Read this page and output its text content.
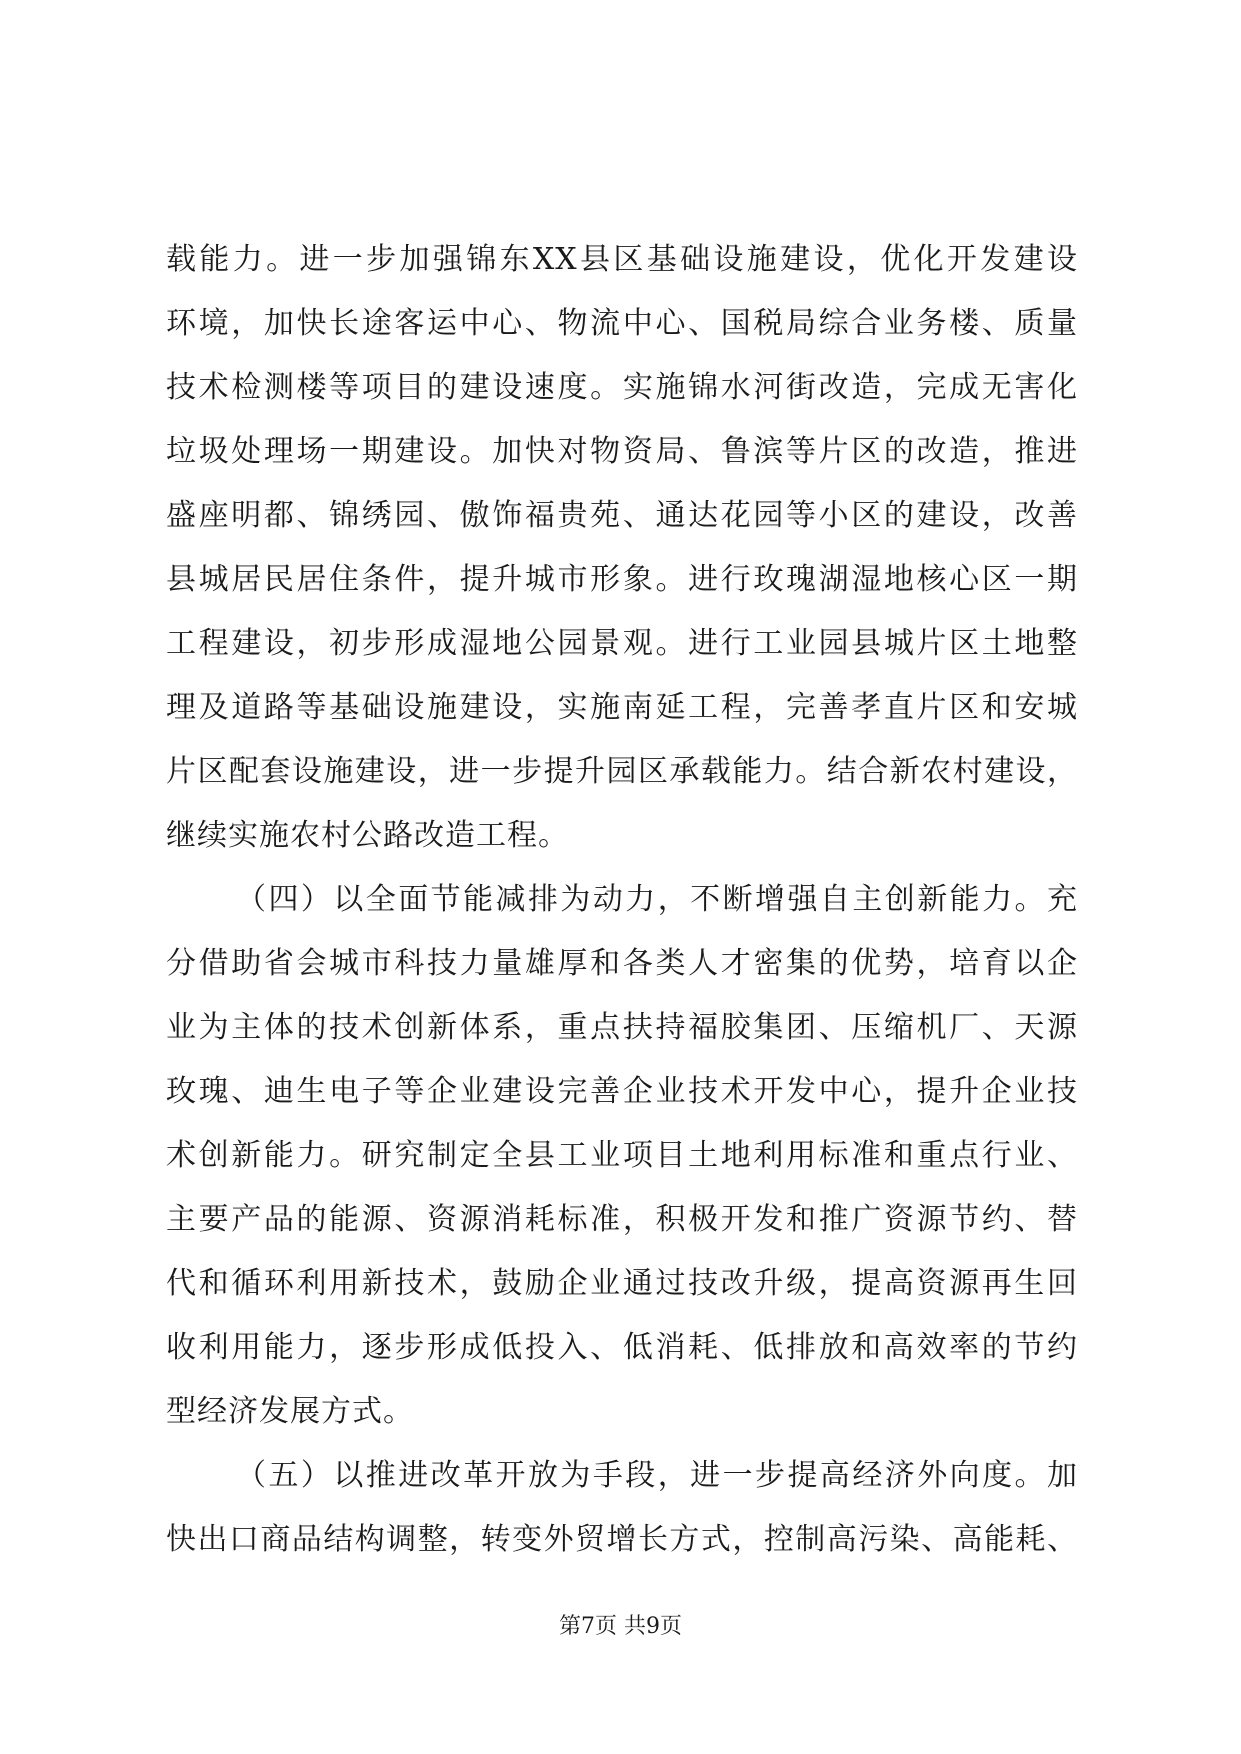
载能力。进一步加强锦东XX县区基础设施建设，优化开发建设
环境，加快长途客运中心、物流中心、国税局综合业务楼、质量
技术检测楼等项目的建设速度。实施锦水河街改造，完成无害化
垃圾处理场一期建设。加快对物资局、鲁滨等片区的改造，推进
盛座明都、锦绣园、傲饰福贵苑、通达花园等小区的建设，改善
县城居民居住条件，提升城市形象。进行玫瑰湖湿地核心区一期
工程建设，初步形成湿地公园景观。进行工业园县城片区土地整
理及道路等基础设施建设，实施南延工程，完善孝直片区和安城
片区配套设施建设，进一步提升园区承载能力。结合新农村建设，
继续实施农村公路改造工程。
（四）以全面节能减排为动力，不断增强自主创新能力。充
分借助省会城市科技力量雄厚和各类人才密集的优势，培育以企
业为主体的技术创新体系，重点扶持福胶集团、压缩机厂、天源
玫瑰、迪生电子等企业建设完善企业技术开发中心，提升企业技
术创新能力。研究制定全县工业项目土地利用标准和重点行业、
主要产品的能源、资源消耗标准，积极开发和推广资源节约、替
代和循环利用新技术，鼓励企业通过技改升级，提高资源再生回
收利用能力，逐步形成低投入、低消耗、低排放和高效率的节约
型经济发展方式。
（五）以推进改革开放为手段，进一步提高经济外向度。加
快出口商品结构调整，转变外贸增长方式，控制高污染、高能耗、
第7页 共9页
